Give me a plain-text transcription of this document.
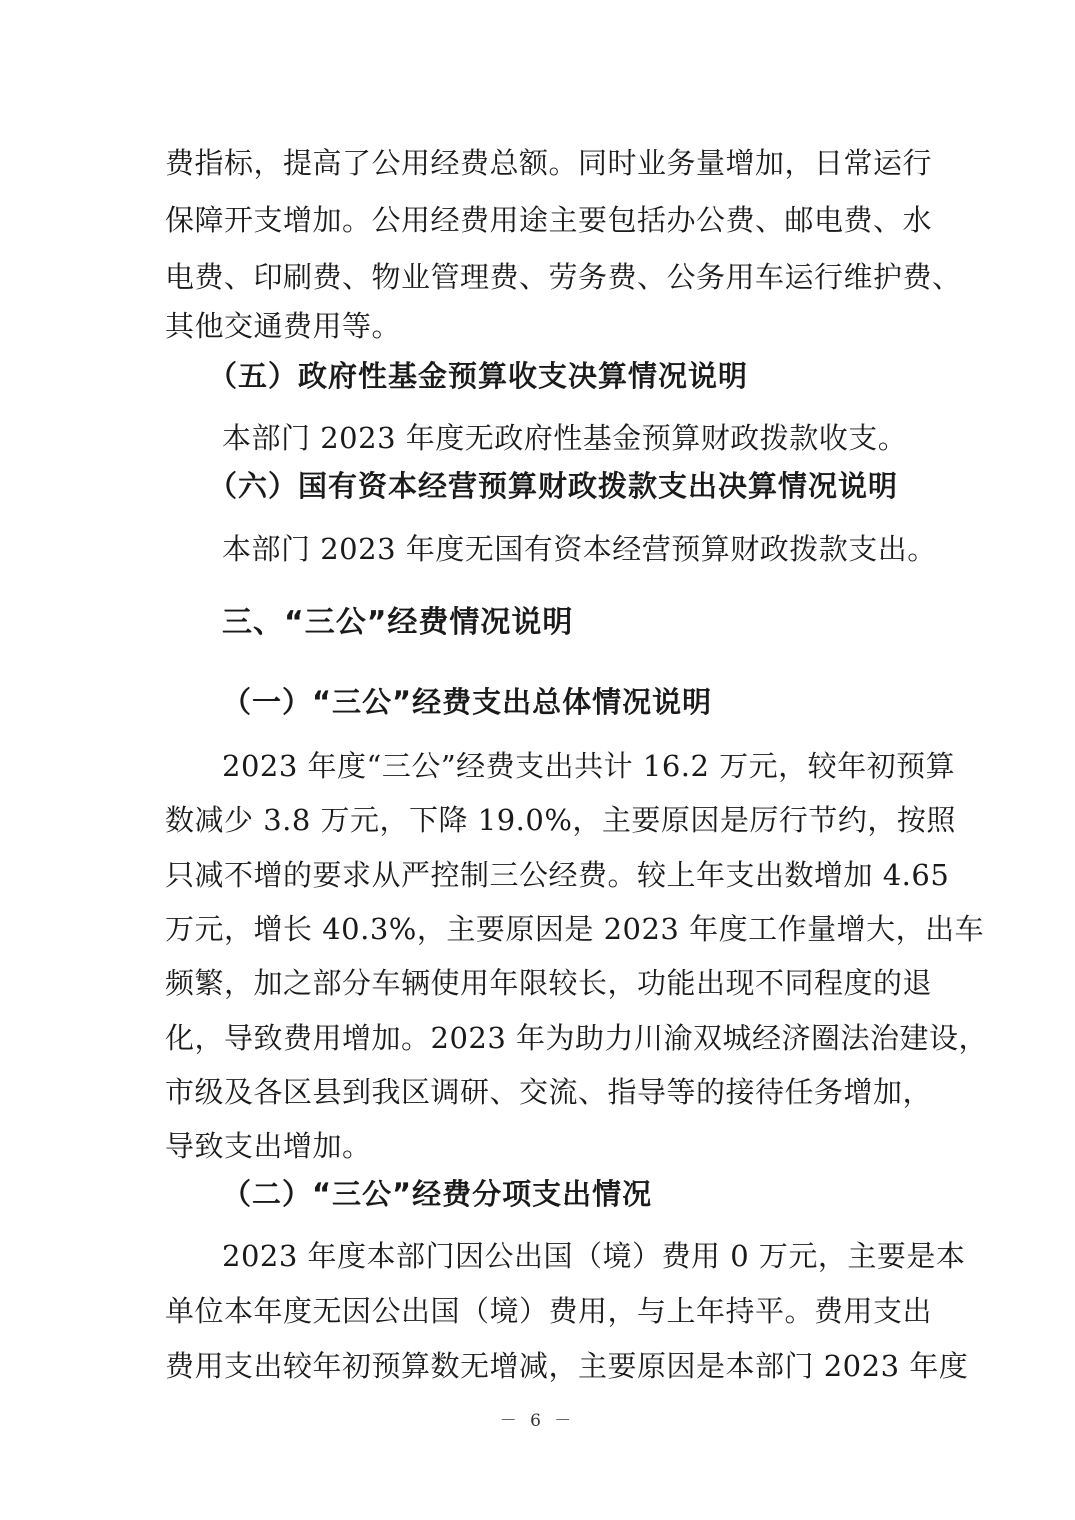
费指标，提高了公用经费总额。同时业务量增加，日常运行
保障开支增加。公用经费用途主要包括办公费、邮电费、水
电费、印刷费、物业管理费、劳务费、公务用车运行维护费、
其他交通费用等。
（五）政府性基金预算收支决算情况说明
本部门 2023 年度无政府性基金预算财政拨款收支。
（六）国有资本经营预算财政拨款支出决算情况说明
本部门 2023 年度无国有资本经营预算财政拨款支出。
三、“三公”经费情况说明
（一）“三公”经费支出总体情况说明
2023 年度“三公”经费支出共计 16.2 万元，较年初预算
数减少 3.8 万元，下降 19.0%，主要原因是厉行节约，按照
只减不增的要求从严控制三公经费。较上年支出数增加 4.65
万元，增长 40.3%，主要原因是 2023 年度工作量增大，出车
频繁，加之部分车辆使用年限较长，功能出现不同程度的退
化，导致费用增加。2023 年为助力川渝双城经济圈法治建设，
市级及各区县到我区调研、交流、指导等的接待任务增加，
导致支出增加。
（二）“三公”经费分项支出情况
2023 年度本部门因公出国（境）费用 0 万元，主要是本
单位本年度无因公出国（境）费用，与上年持平。费用支出
费用支出较年初预算数无增减，主要原因是本部门 2023 年度
－ 6 －
